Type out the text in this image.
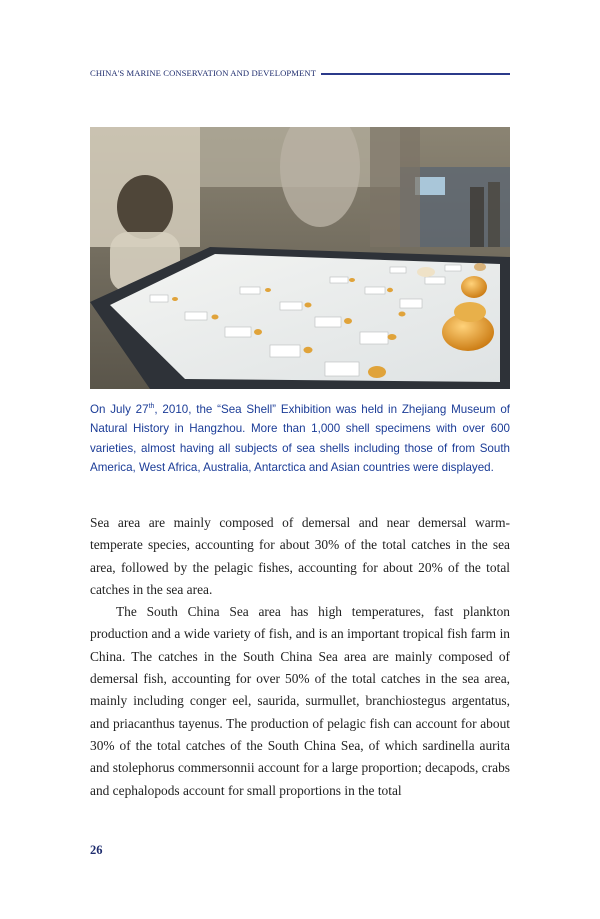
CHINA'S MARINE CONSERVATION AND DEVELOPMENT
On July 27th, 2010, the “Sea Shell” Exhibition was held in Zhejiang Museum of Natural History in Hangzhou. More than 1,000 shell specimens with over 600 varieties, almost having all subjects of sea shells including those of from South America, West Africa, Australia, Antarctica and Asian countries were displayed.

Sea area are mainly composed of demersal and near demersal warm-temperate species, accounting for about 30% of the total catches in the sea area, followed by the pelagic fishes, accounting for about 20% of the total catches in the sea area.

The South China Sea area has high temperatures, fast plankton production and a wide variety of fish, and is an important tropical fish farm in China. The catches in the South China Sea area are mainly composed of demersal fish, accounting for over 50% of the total catches in the sea area, mainly including conger eel, saurida, surmullet, branchiostegus argentatus, and priacanthus tayenus. The production of pelagic fish can account for about 30% of the total catches of the South China Sea, of which sardinella aurita and stolephorus commersonnii account for a large proportion; decapods, crabs and cephalopods account for small proportions in the total

26
